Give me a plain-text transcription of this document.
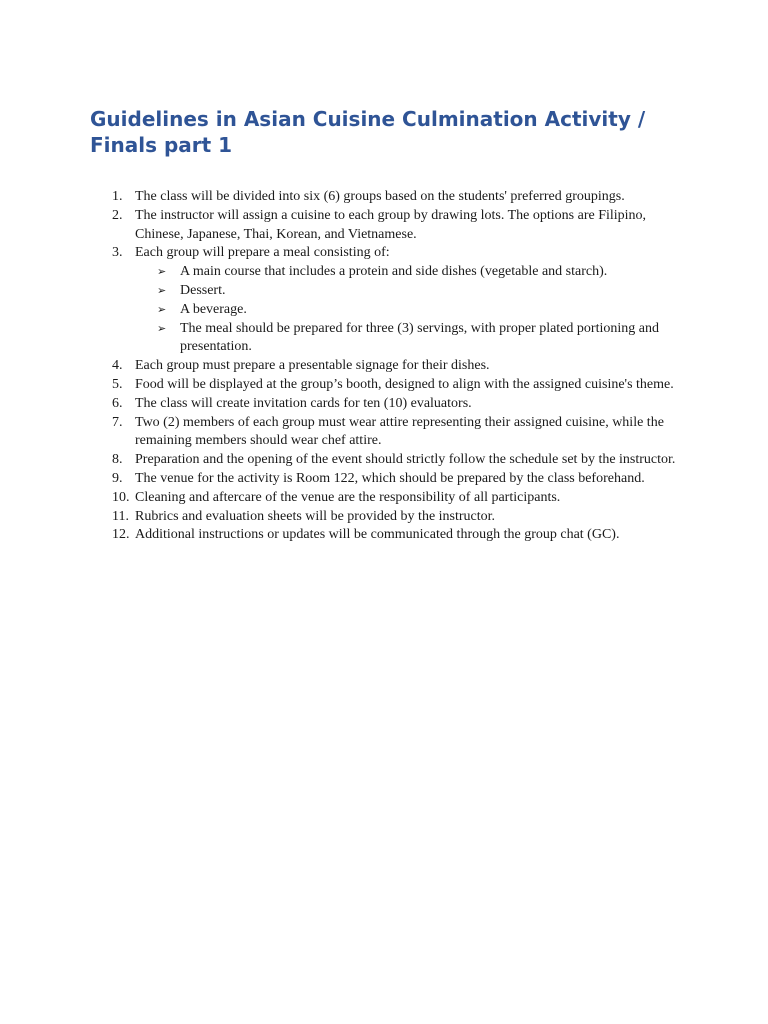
Guidelines in Asian Cuisine Culmination Activity / Finals part 1
1. The class will be divided into six (6) groups based on the students' preferred groupings.
2. The instructor will assign a cuisine to each group by drawing lots. The options are Filipino, Chinese, Japanese, Thai, Korean, and Vietnamese.
3. Each group will prepare a meal consisting of:
➢ A main course that includes a protein and side dishes (vegetable and starch).
➢ Dessert.
➢ A beverage.
➢ The meal should be prepared for three (3) servings, with proper plated portioning and presentation.
4. Each group must prepare a presentable signage for their dishes.
5. Food will be displayed at the group’s booth, designed to align with the assigned cuisine's theme.
6. The class will create invitation cards for ten (10) evaluators.
7. Two (2) members of each group must wear attire representing their assigned cuisine, while the remaining members should wear chef attire.
8. Preparation and the opening of the event should strictly follow the schedule set by the instructor.
9. The venue for the activity is Room 122, which should be prepared by the class beforehand.
10. Cleaning and aftercare of the venue are the responsibility of all participants.
11. Rubrics and evaluation sheets will be provided by the instructor.
12. Additional instructions or updates will be communicated through the group chat (GC).
